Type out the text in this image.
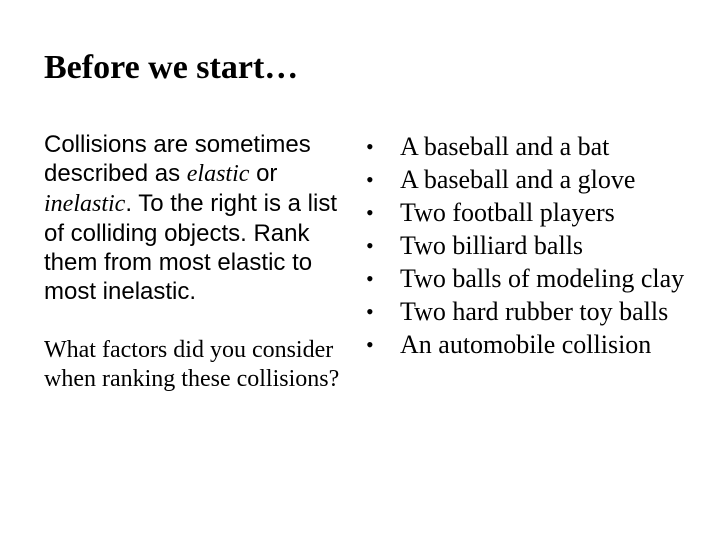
Before we start…

Collisions are sometimes described as elastic or inelastic. To the right is a list of colliding objects. Rank them from most elastic to most inelastic.

What factors did you consider when ranking these collisions?

• A baseball and a bat
• A baseball and a glove
• Two football players
• Two billiard balls
• Two balls of modeling clay
• Two hard rubber toy balls
• An automobile collision
